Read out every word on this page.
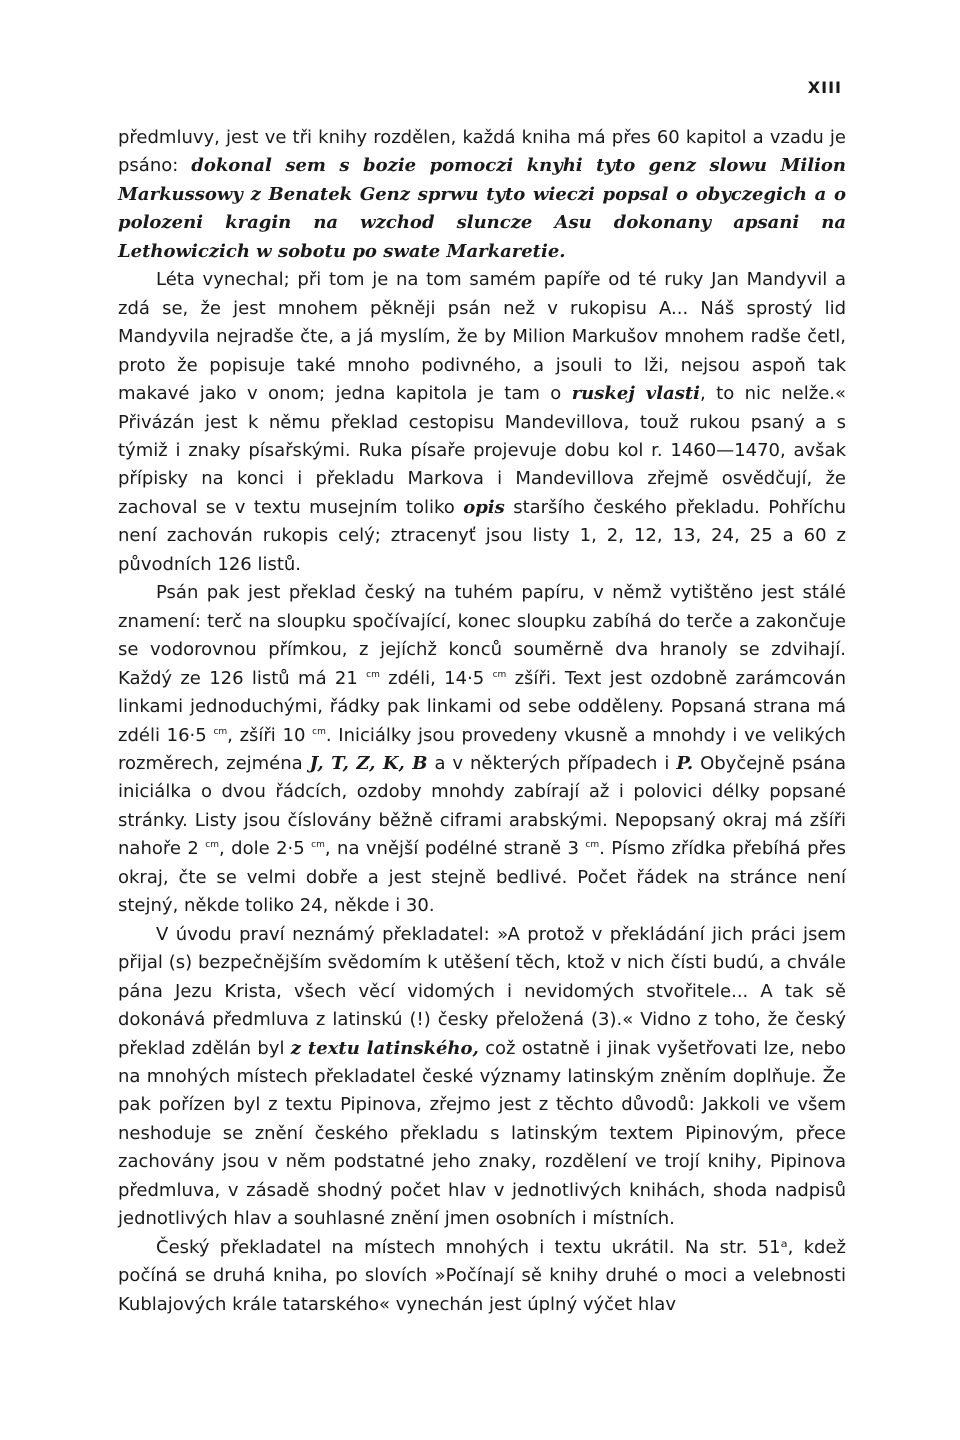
XIII

předmluvy, jest ve tři knihy rozdělen, každá kniha má přes 60 kapitol a vzadu je psáno: dokonal sem s bozie pomoczi knyhi tyto genz slowu Milion Markussowy z Benatek Genz sprwu tyto wieczi popsal o obyczegich a o polozeni kragin na wzchod sluncze Asu dokonany apsani na Lethowiczich w sobotu po swate Markaretie.

Léta vynechal; při tom je na tom samém papíře od té ruky Jan Mandyvil a zdá se, že jest mnohem pěkněji psán než v rukopisu A... Náš sprostý lid Mandyvila nejradše čte, a já myslím, že by Milion Markušov mnohem radše četl, proto že popisuje také mnoho podivného, a jsouli to lži, nejsou aspoň tak makavé jako v onom; jedna kapitola je tam o ruskej vlasti, to nic nelže.« Přivázán jest k němu překlad cestopisu Mandevillova, touž rukou psaný a s týmiž i znaky písařskými. Ruka písaře projevuje dobu kol r. 1460—1470, avšak přípisky na konci i překladu Markova i Mandevillova zřejmě osvědčují, že zachoval se v textu musejním toliko opis staršího českého překladu. Pohříchu není zachován rukopis celý; ztracenyť jsou listy 1, 2, 12, 13, 24, 25 a 60 z původních 126 listů.

Psán pak jest překlad český na tuhém papíru, v němž vytištěno jest stálé znamení: terč na sloupku spočívající, konec sloupku zabíhá do terče a zakončuje se vodorovnou přímkou, z jejíchž konců souměrně dva hranoly se zdvihají. Každý ze 126 listů má 21 $^{cm}$ zdéli, 14·5 $^{cm}$ zšíři. Text jest ozdobně zarámcován linkami jednoduchými, řádky pak linkami od sebe odděleny. Popsaná strana má zdéli 16·5 $^{cm}$, zšíři 10 $^{cm}$. Iniciálky jsou provedeny vkusně a mnohdy i ve velikých rozměrech, zejména J, T, Z, K, B a v některých případech i P. Obyčejně psána iniciálka o dvou řádcích, ozdoby mnohdy zabírají až i polovici délky popsané stránky. Listy jsou číslovány běžně ciframi arabskými. Nepopsaný okraj má zšíři nahoře 2 $^{cm}$, dole 2·5 $^{cm}$, na vnější podélné straně 3 $^{cm}$. Písmo zřídka přebíhá přes okraj, čte se velmi dobře a jest stejně bedlivé. Počet řádek na stránce není stejný, někde toliko 24, někde i 30.

V úvodu praví neznámý překladatel: »A protož v překládání jich práci jsem přijal (s) bezpečnějším svědomím k utěšení těch, ktož v nich čísti budú, a chvále pána Jezu Krista, všech věcí vidomých i nevidomých stvořitele... A tak sě dokonává předmluva z latinskú (!) česky přeložená (3).« Vidno z toho, že český překlad zdělán byl z textu latinského, což ostatně i jinak vyšetřovati lze, nebo na mnohých místech překladatel české významy latinským zněním doplňuje. Že pak pořízen byl z textu Pipinova, zřejmo jest z těchto důvodů: Jakkoli ve všem neshoduje se znění českého překladu s latinským textem Pipinovým, přece zachovány jsou v něm podstatné jeho znaky, rozdělení ve trojí knihy, Pipinova předmluva, v zásadě shodný počet hlav v jednotlivých knihách, shoda nadpisů jednotlivých hlav a souhlasné znění jmen osobních i místních.

Český překladatel na místech mnohých i textu ukrátil. Na str. 51ᵃ, kdež počíná se druhá kniha, po slovích »Počínají sě knihy druhé o moci a velebnosti Kublajových krále tatarského« vynechán jest úplný výčet hlav
